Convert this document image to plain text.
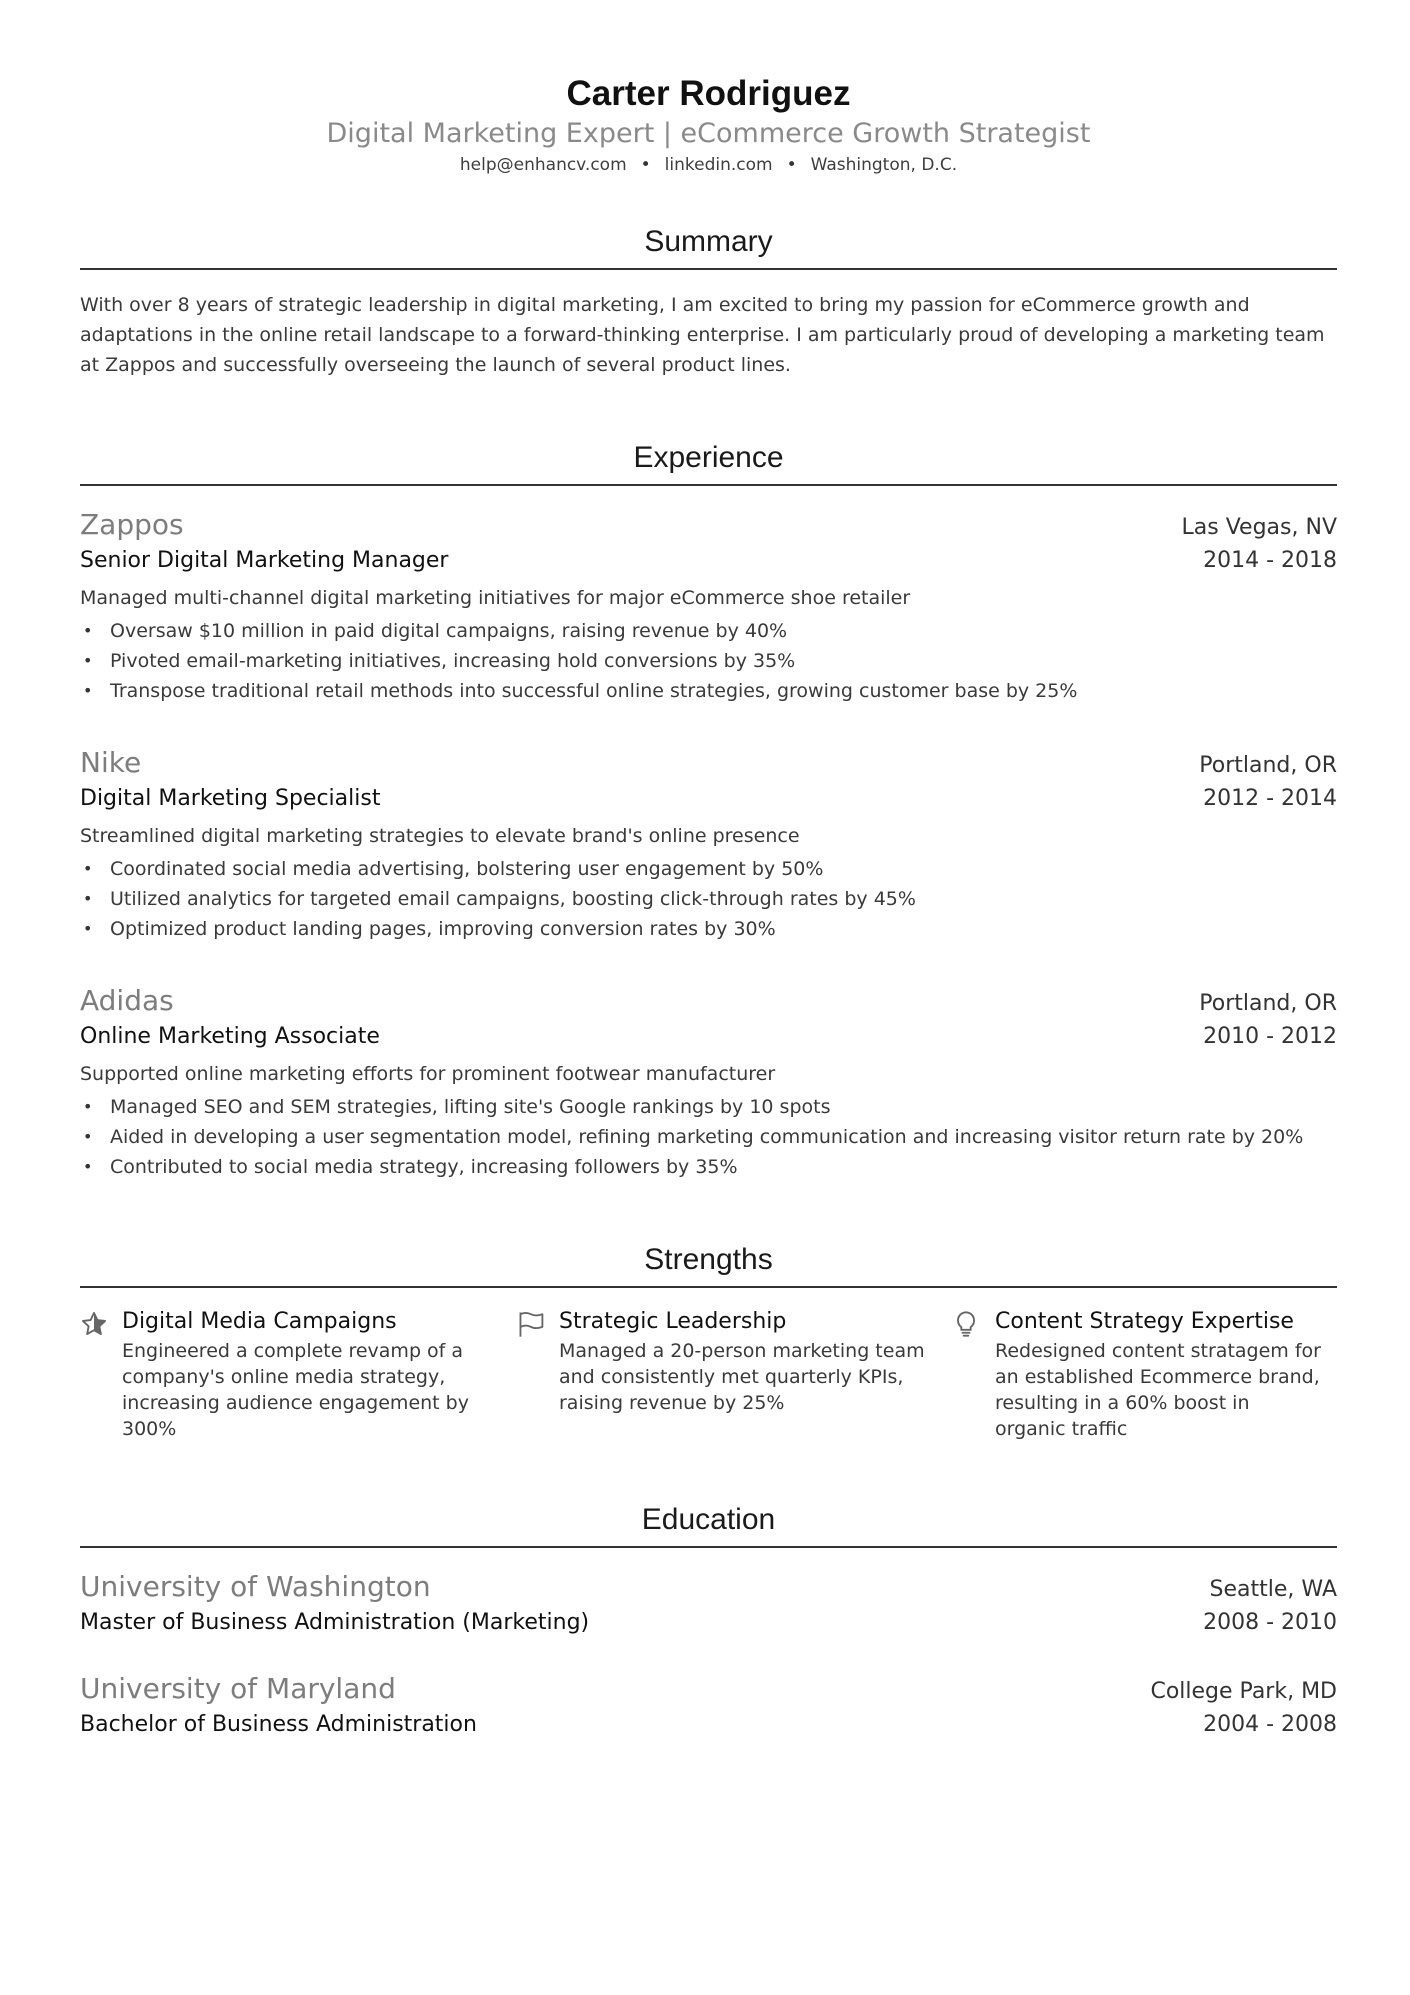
Carter Rodriguez
Digital Marketing Expert | eCommerce Growth Strategist
help@enhancv.com • linkedin.com • Washington, D.C.
Summary
With over 8 years of strategic leadership in digital marketing, I am excited to bring my passion for eCommerce growth and adaptations in the online retail landscape to a forward-thinking enterprise. I am particularly proud of developing a marketing team at Zappos and successfully overseeing the launch of several product lines.
Experience
Zappos	Las Vegas, NV
Senior Digital Marketing Manager	2014 - 2018
Managed multi-channel digital marketing initiatives for major eCommerce shoe retailer
• Oversaw $10 million in paid digital campaigns, raising revenue by 40%
• Pivoted email-marketing initiatives, increasing hold conversions by 35%
• Transpose traditional retail methods into successful online strategies, growing customer base by 25%
Nike	Portland, OR
Digital Marketing Specialist	2012 - 2014
Streamlined digital marketing strategies to elevate brand's online presence
• Coordinated social media advertising, bolstering user engagement by 50%
• Utilized analytics for targeted email campaigns, boosting click-through rates by 45%
• Optimized product landing pages, improving conversion rates by 30%
Adidas	Portland, OR
Online Marketing Associate	2010 - 2012
Supported online marketing efforts for prominent footwear manufacturer
• Managed SEO and SEM strategies, lifting site's Google rankings by 10 spots
• Aided in developing a user segmentation model, refining marketing communication and increasing visitor return rate by 20%
• Contributed to social media strategy, increasing followers by 35%
Strengths
Digital Media Campaigns
Engineered a complete revamp of a company's online media strategy, increasing audience engagement by 300%
Strategic Leadership
Managed a 20-person marketing team and consistently met quarterly KPIs, raising revenue by 25%
Content Strategy Expertise
Redesigned content stratagem for an established Ecommerce brand, resulting in a 60% boost in organic traffic
Education
University of Washington	Seattle, WA
Master of Business Administration (Marketing)	2008 - 2010
University of Maryland	College Park, MD
Bachelor of Business Administration	2004 - 2008
